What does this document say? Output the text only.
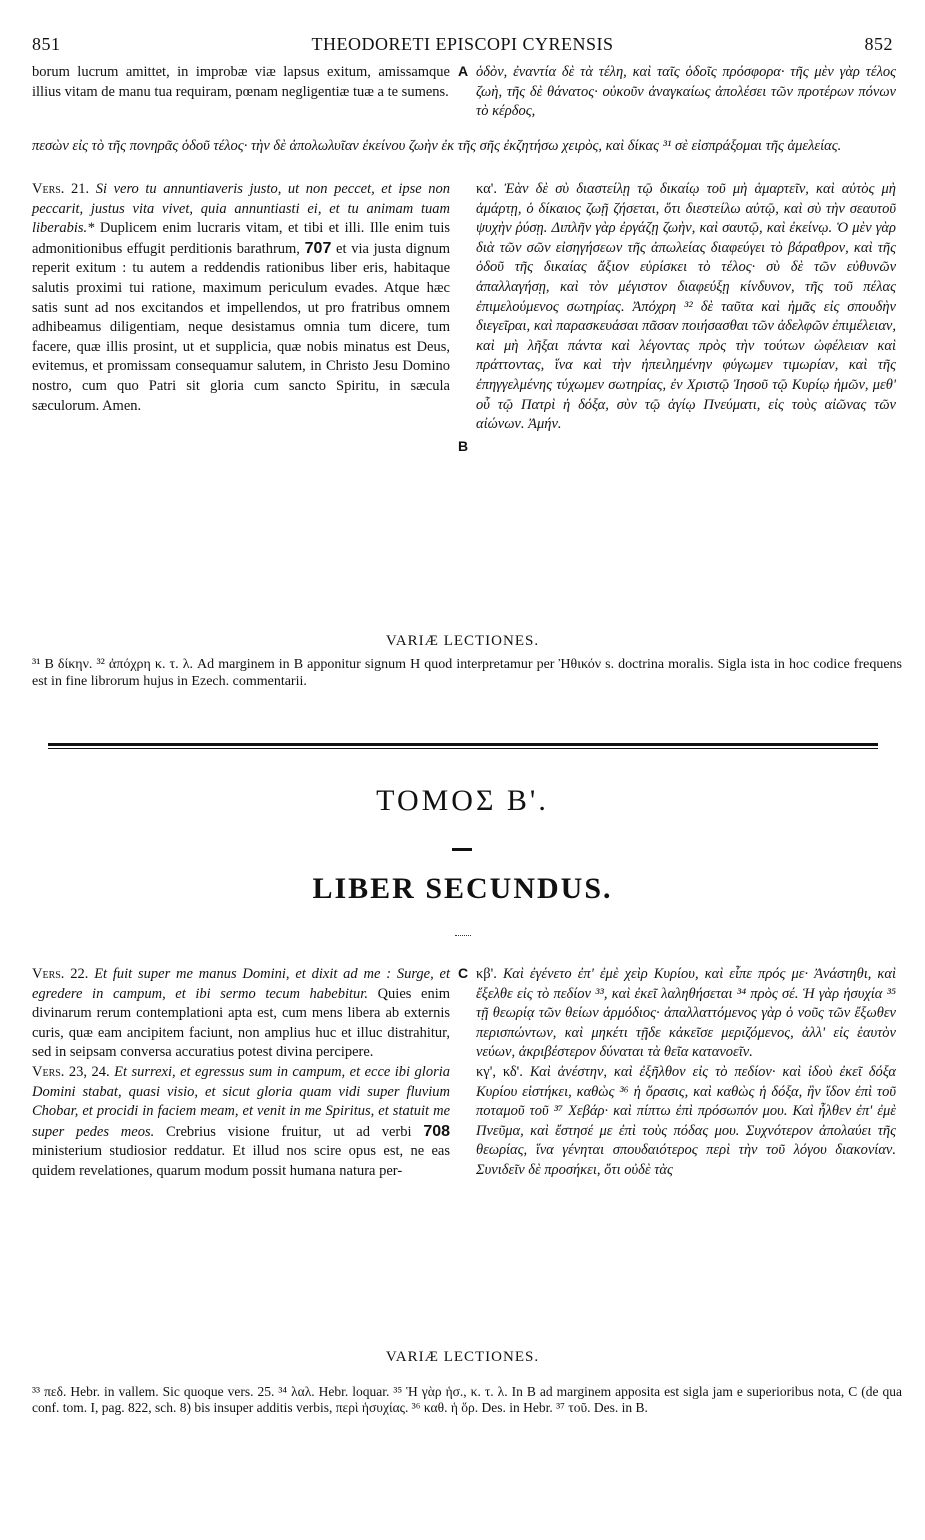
851	THEODORETI EPISCOPI CYRENSIS	852

borum lucrum amittet, in improbæ viæ lapsus exitum, amissamque illius vitam de manu tua requiram, pœnam negligentiæ tuæ a te sumens.

A ὁδὸν, ἐναντία δὲ τὰ τέλη, καὶ ταῖς ὁδοῖς πρόσφορα· τῆς μὲν γὰρ τέλος ζωὴ, τῆς δὲ θάνατος· οὐκοῦν ἀναγκαίως ἀπολέσει τῶν προτέρων πόνων τὸ κέρδος,

πεσὼν εἰς τὸ τῆς πονηρᾶς ὁδοῦ τέλος· τὴν δὲ ἀπολωλυῖαν ἐκείνου ζωὴν ἐκ τῆς σῆς ἐκζητήσω χειρὸς, καὶ δίκας ³¹ σὲ εἰσπράξομαι τῆς ἀμελείας.

Vers. 21. Si vero tu annuntiaveris justo, ut non peccet, et ipse non peccarit, justus vita vivet, quia annuntiasti ei, et tu animam tuam liberabis.* Duplicem enim lucraris vitam, et tibi et illi. Ille enim tuis admonitionibus effugit perditionis barathrum, 707 et via justa dignum reperit exitum : tu autem a reddendis rationibus liber eris, habitaque salutis proximi tui ratione, maximum periculum evades. Atque hæc satis sunt ad nos excitandos et impellendos, ut pro fratribus omnem adhibeamus diligentiam, neque desistamus omnia tum dicere, tum facere, quæ illis prosint, ut et supplicia, quæ nobis minatus est Deus, evitemus, et promissam consequamur salutem, in Christo Jesu Domino nostro, cum quo Patri sit gloria cum sancto Spiritu, in sæcula sæculorum. Amen.

B

κα'. Ἐὰν δὲ σὺ διαστείλῃ τῷ δικαίῳ τοῦ μὴ ἁμαρτεῖν, καὶ αὐτὸς μὴ ἁμάρτῃ, ὁ δίκαιος ζωῇ ζήσεται, ὅτι διεστείλω αὐτῷ, καὶ σὺ τὴν σεαυτοῦ ψυχὴν ῥύσῃ. Διπλῆν γὰρ ἐργάζῃ ζωὴν, καὶ σαυτῷ, καὶ ἐκείνῳ. Ὁ μὲν γὰρ διὰ τῶν σῶν εἰσηγήσεων τῆς ἀπωλείας διαφεύγει τὸ βάραθρον, καὶ τῆς ὁδοῦ τῆς δικαίας ἄξιον εὑρίσκει τὸ τέλος· σὺ δὲ τῶν εὐθυνῶν ἀπαλλαγήσῃ, καὶ τὸν μέγιστον διαφεύξῃ κίνδυνον, τῆς τοῦ πέλας ἐπιμελούμενος σωτηρίας. Ἀπόχρη ³² δὲ ταῦτα καὶ ἡμᾶς εἰς σπουδὴν διεγεῖραι, καὶ παρασκευάσαι πᾶσαν ποιήσασθαι τῶν ἀδελφῶν ἐπιμέλειαν, καὶ μὴ λῆξαι πάντα καὶ λέγοντας πρὸς τὴν τούτων ὠφέλειαν καὶ πράττοντας, ἵνα καὶ τὴν ἠπειλημένην φύγωμεν τιμωρίαν, καὶ τῆς ἐπηγγελμένης τύχωμεν σωτηρίας, ἐν Χριστῷ Ἰησοῦ τῷ Κυρίῳ ἡμῶν, μεθ' οὗ τῷ Πατρὶ ἡ δόξα, σὺν τῷ ἁγίῳ Πνεύματι, εἰς τοὺς αἰῶνας τῶν αἰώνων. Ἀμήν.

VARIÆ LECTIONES.
³¹ B δίκην. ³² ἀπόχρη κ. τ. λ. Ad marginem in B apponitur signum H quod interpretamur per Ἠθικόν s. doctrina moralis. Sigla ista in hoc codice frequens est in fine librorum hujus in Ezech. commentarii.
ΤΟΜΟΣ Β'.
LIBER SECUNDUS.

Vers. 22. Et fuit super me manus Domini, et dixit ad me : Surge, et egredere in campum, et ibi sermo tecum habebitur. Quies enim divinarum rerum contemplationi apta est, cum mens libera ab externis curis, quæ eam ancipitem faciunt, non amplius huc et illuc distrahitur, sed in seipsam conversa accuratius potest divina percipere.

Vers. 23, 24. Et surrexi, et egressus sum in campum, et ecce ibi gloria Domini stabat, quasi visio, et sicut gloria quam vidi super fluvium Chobar, et procidi in faciem meam, et venit in me Spiritus, et statuit me super pedes meos. Crebrius visione fruitur, ut ad verbi 708 ministerium studiosior reddatur. Et illud nos scire opus est, ne eas quidem revelationes, quarum modum possit humana natura per-

C κβ'. Καὶ ἐγένετο ἐπ' ἐμὲ χεὶρ Κυρίου, καὶ εἶπε πρός με· Ἀνάστηθι, καὶ ἔξελθε εἰς τὸ πεδίον ³³, καὶ ἐκεῖ λαληθήσεται ³⁴ πρὸς σέ. Ἡ γὰρ ἡσυχία ³⁵ τῇ θεωρίᾳ τῶν θείων ἁρμόδιος· ἀπαλλαττόμενος γὰρ ὁ νοῦς τῶν ἔξωθεν περισπώντων, καὶ μηκέτι τῇδε κἀκεῖσε μεριζόμενος, ἀλλ' εἰς ἑαυτὸν νεύων, ἀκριβέστερον δύναται τὰ θεῖα κατανοεῖν.

κγ', κδ'. Καὶ ἀνέστην, καὶ ἐξῆλθον εἰς τὸ πεδίον· καὶ ἰδοὺ ἐκεῖ δόξα Κυρίου εἱστήκει, καθὼς ³⁶ ἡ ὅρασις, καὶ καθὼς ἡ δόξα, ἣν ἴδον ἐπὶ τοῦ ποταμοῦ τοῦ ³⁷ Χεβάρ· καὶ πίπτω ἐπὶ πρόσωπόν μου. Καὶ ἦλθεν ἐπ' ἐμὲ Πνεῦμα, καὶ ἔστησέ με ἐπὶ τοὺς πόδας μου. Συχνότερον ἀπολαύει τῆς θεωρίας, ἵνα γένηται σπουδαιότερος περὶ τὴν τοῦ λόγου διακονίαν. Συνιδεῖν δὲ προσήκει, ὅτι οὐδὲ τὰς

VARIÆ LECTIONES.
³³ πεδ. Hebr. in vallem. Sic quoque vers. 25. ³⁴ λαλ. Hebr. loquar. ³⁵ Ἡ γὰρ ἡσ., κ. τ. λ. In B ad marginem apposita est sigla jam e superioribus nota, C (de qua conf. tom. I, pag. 822, sch. 8) bis insuper additis verbis, περὶ ἡσυχίας. ³⁶ καθ. ἡ ὅρ. Des. in Hebr. ³⁷ τοῦ. Des. in B.
